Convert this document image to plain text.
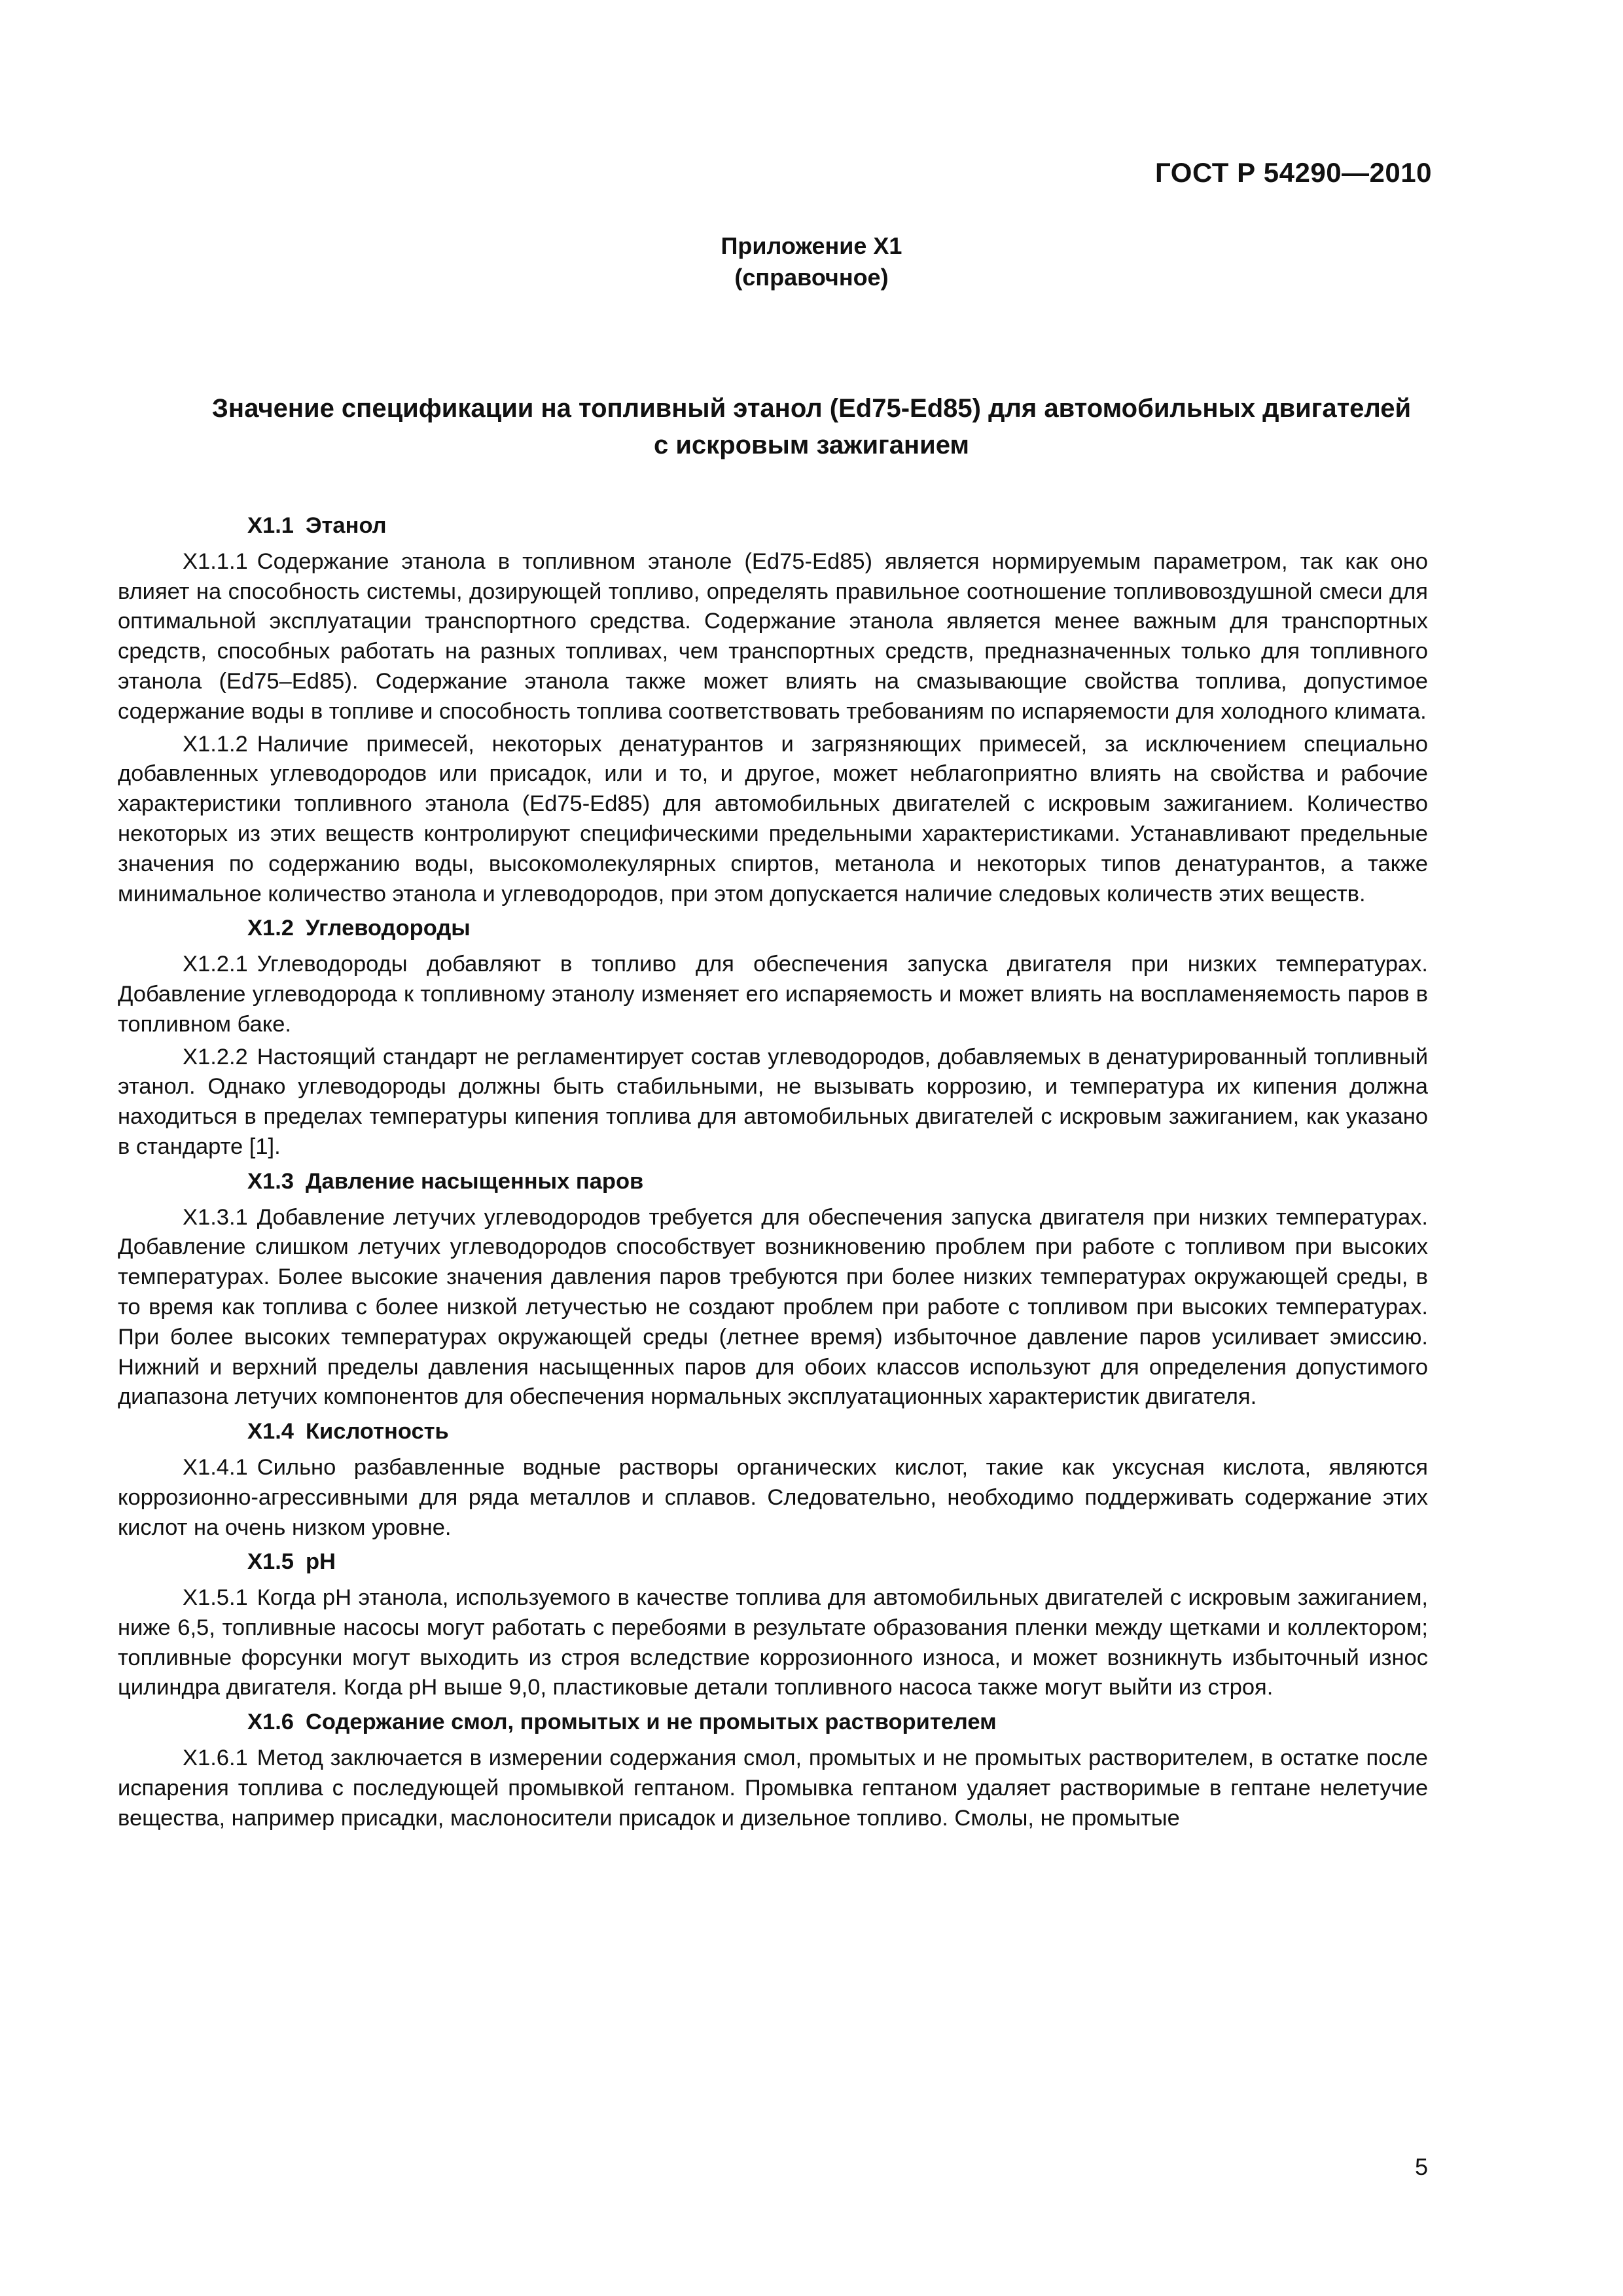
ГОСТ Р 54290—2010
Приложение Х1
(справочное)
Значение спецификации на топливный этанол (Ed75-Ed85) для автомобильных двигателей
с искровым зажиганием
Х1.1 Этанол

Х1.1.1 Содержание этанола в топливном этаноле (Ed75-Ed85) является нормируемым параметром, так как оно влияет на способность системы, дозирующей топливо, определять правильное соотношение топливовоздушной смеси для оптимальной эксплуатации транспортного средства. Содержание этанола является менее важным для транспортных средств, способных работать на разных топливах, чем транспортных средств, предназначенных только для топливного этанола (Ed75–Ed85). Содержание этанола также может влиять на смазывающие свойства топлива, допустимое содержание воды в топливе и способность топлива соответствовать требованиям по испаряемости для холодного климата.

Х1.1.2 Наличие примесей, некоторых денатурантов и загрязняющих примесей, за исключением специально добавленных углеводородов или присадок, или и то, и другое, может неблагоприятно влиять на свойства и рабочие характеристики топливного этанола (Ed75-Ed85) для автомобильных двигателей с искровым зажиганием. Количество некоторых из этих веществ контролируют специфическими предельными характеристиками. Устанавливают предельные значения по содержанию воды, высокомолекулярных спиртов, метанола и некоторых типов денатурантов, а также минимальное количество этанола и углеводородов, при этом допускается наличие следовых количеств этих веществ.

Х1.2 Углеводороды

Х1.2.1 Углеводороды добавляют в топливо для обеспечения запуска двигателя при низких температурах. Добавление углеводорода к топливному этанолу изменяет его испаряемость и может влиять на воспламеняемость паров в топливном баке.

Х1.2.2 Настоящий стандарт не регламентирует состав углеводородов, добавляемых в денатурированный топливный этанол. Однако углеводороды должны быть стабильными, не вызывать коррозию, и температура их кипения должна находиться в пределах температуры кипения топлива для автомобильных двигателей с искровым зажиганием, как указано в стандарте [1].

Х1.3 Давление насыщенных паров

Х1.3.1 Добавление летучих углеводородов требуется для обеспечения запуска двигателя при низких температурах. Добавление слишком летучих углеводородов способствует возникновению проблем при работе с топливом при высоких температурах. Более высокие значения давления паров требуются при более низких температурах окружающей среды, в то время как топлива с более низкой летучестью не создают проблем при работе с топливом при высоких температурах. При более высоких температурах окружающей среды (летнее время) избыточное давление паров усиливает эмиссию. Нижний и верхний пределы давления насыщенных паров для обоих классов используют для определения допустимого диапазона летучих компонентов для обеспечения нормальных эксплуатационных характеристик двигателя.

Х1.4 Кислотность

Х1.4.1 Сильно разбавленные водные растворы органических кислот, такие как уксусная кислота, являются коррозионно-агрессивными для ряда металлов и сплавов. Следовательно, необходимо поддерживать содержание этих кислот на очень низком уровне.

Х1.5 рН

Х1.5.1 Когда рН этанола, используемого в качестве топлива для автомобильных двигателей с искровым зажиганием, ниже 6,5, топливные насосы могут работать с перебоями в результате образования пленки между щетками и коллектором; топливные форсунки могут выходить из строя вследствие коррозионного износа, и может возникнуть избыточный износ цилиндра двигателя. Когда рН выше 9,0, пластиковые детали топливного насоса также могут выйти из строя.

Х1.6 Содержание смол, промытых и не промытых растворителем

Х1.6.1 Метод заключается в измерении содержания смол, промытых и не промытых растворителем, в остатке после испарения топлива с последующей промывкой гептаном. Промывка гептаном удаляет растворимые в гептане нелетучие вещества, например присадки, маслоносители присадок и дизельное топливо. Смолы, не промытые

5
